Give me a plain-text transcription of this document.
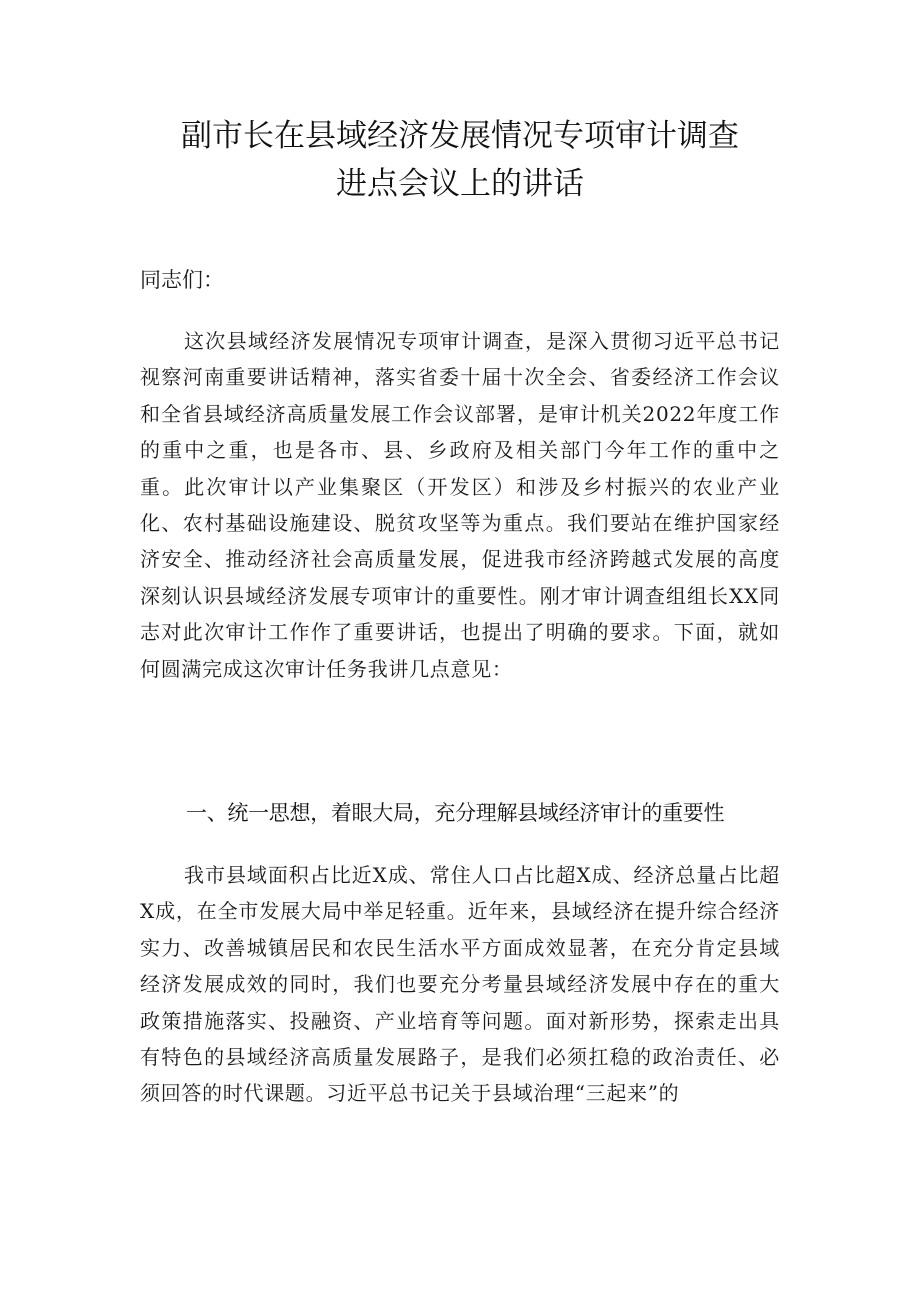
副市长在县域经济发展情况专项审计调查
进点会议上的讲话
同志们：
这次县域经济发展情况专项审计调查，是深入贯彻习近平总书记视察河南重要讲话精神，落实省委十届十次全会、省委经济工作会议和全省县域经济高质量发展工作会议部署，是审计机关2022年度工作的重中之重，也是各市、县、乡政府及相关部门今年工作的重中之重。此次审计以产业集聚区（开发区）和涉及乡村振兴的农业产业化、农村基础设施建设、脱贫攻坚等为重点。我们要站在维护国家经济安全、推动经济社会高质量发展，促进我市经济跨越式发展的高度深刻认识县域经济发展专项审计的重要性。刚才审计调查组组长XX同志对此次审计工作作了重要讲话，也提出了明确的要求。下面，就如何圆满完成这次审计任务我讲几点意见：
一、统一思想，着眼大局，充分理解县域经济审计的重要性
我市县域面积占比近X成、常住人口占比超X成、经济总量占比超X成，在全市发展大局中举足轻重。近年来，县域经济在提升综合经济实力、改善城镇居民和农民生活水平方面成效显著，在充分肯定县域经济发展成效的同时，我们也要充分考量县域经济发展中存在的重大政策措施落实、投融资、产业培育等问题。面对新形势，探索走出具有特色的县域经济高质量发展路子，是我们必须扛稳的政治责任、必须回答的时代课题。习近平总书记关于县域治理“三起来”的
